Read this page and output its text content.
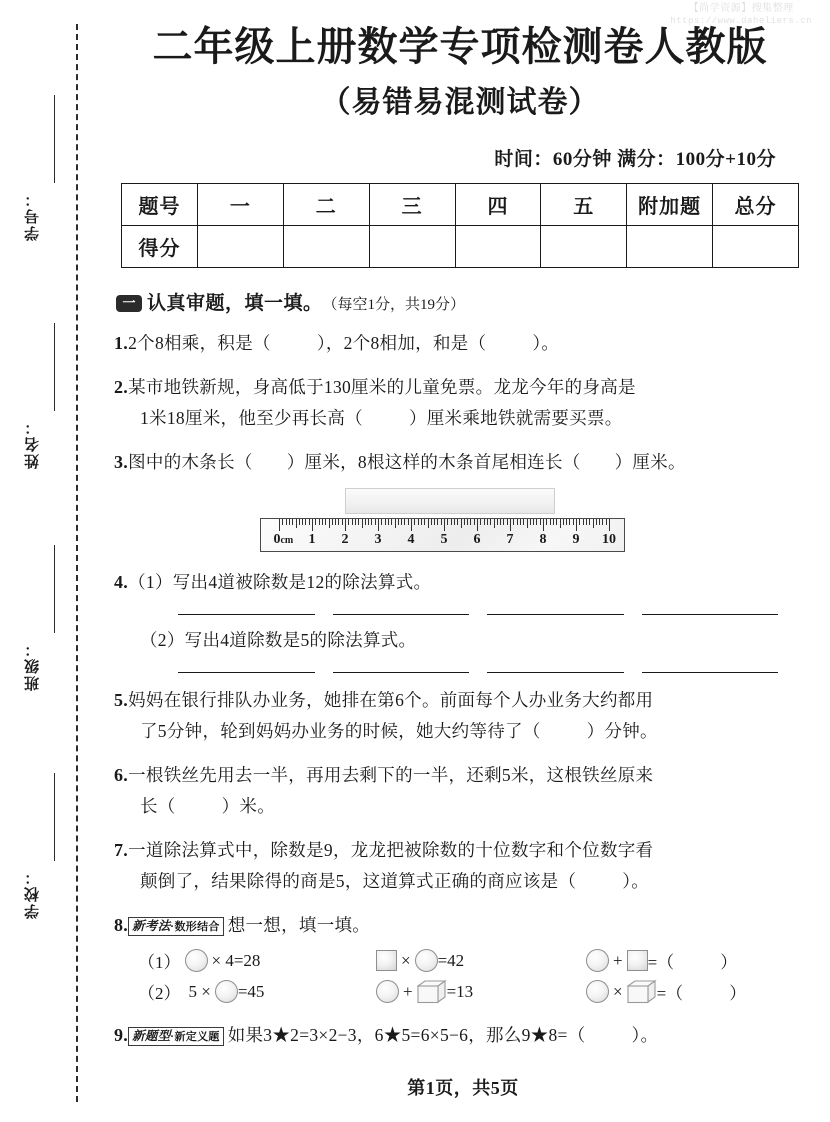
【尚学资源】搜集整理
https://www.daheliers.cn
学号：
姓名：
班级：
学校：
二年级上册数学专项检测卷人教版
（易错易混测试卷）
时间：60分钟 满分：100分+10分
题号	一	二	三	四	五	附加题	总分
得分							
一 认真审题，填一填。 （每空1分，共19分）
1.2个8相乘，积是（	），2个8相加，和是（	）。
2.某市地铁新规，身高低于130厘米的儿童免票。龙龙今年的身高是
1米18厘米，他至少再长高（	）厘米乘地铁就需要买票。
3.图中的木条长（ ）厘米，8根这样的木条首尾相连长（ ）厘米。
0cm 1 2 3 4 5 6 7 8 9 10
4.（1）写出4道被除数是12的除法算式。
（2）写出4道除数是5的除法算式。
5.妈妈在银行排队办业务，她排在第6个。前面每个人办业务大约都用
了5分钟，轮到妈妈办业务的时候，她大约等待了（	）分钟。
6.一根铁丝先用去一半，再用去剩下的一半，还剩5米，这根铁丝原来
长（	）米。
7.一道除法算式中，除数是9，龙龙把被除数的十位数字和个位数字看
颠倒了，结果除得的商是5，这道算式正确的商应该是（	）。
8. 新考法·数形结合 想一想，填一填。
（1） × 4=28	× =42	+ =（	）
（2） 5 × =45	+ =13	× =（	）
9. 新题型·新定义题 如果3★2=3×2−3，6★5=6×5−6，那么9★8=（	）。
第1页，共5页
